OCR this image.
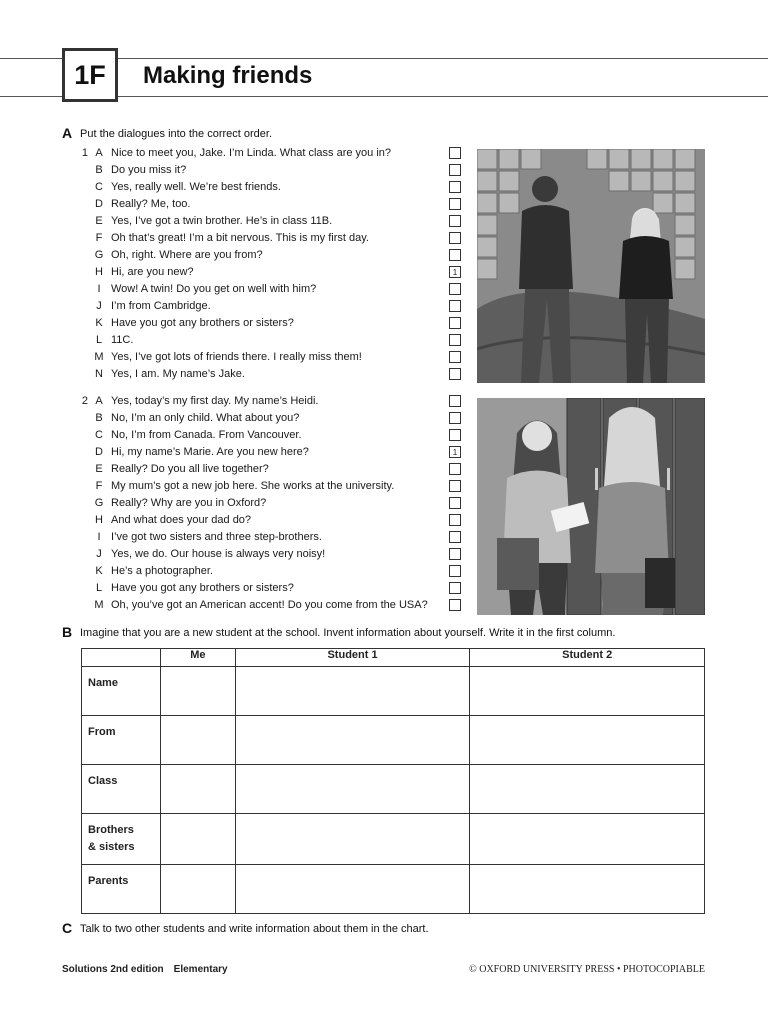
1F Making friends
A Put the dialogues into the correct order.
1 A Nice to meet you, Jake. I’m Linda. What class are you in?
B Do you miss it?
C Yes, really well. We’re best friends.
D Really? Me, too.
E Yes, I’ve got a twin brother. He’s in class 11B.
F Oh that’s great! I’m a bit nervous. This is my first day.
G Oh, right. Where are you from?
H Hi, are you new?
I Wow! A twin! Do you get on well with him?
J I’m from Cambridge.
K Have you got any brothers or sisters?
L 11C.
M Yes, I’ve got lots of friends there. I really miss them!
N Yes, I am. My name’s Jake.
2 A Yes, today’s my first day. My name’s Heidi.
B No, I’m an only child. What about you?
C No, I’m from Canada. From Vancouver.
D Hi, my name’s Marie. Are you new here?
E Really? Do you all live together?
F My mum’s got a new job here. She works at the university.
G Really? Why are you in Oxford?
H And what does your dad do?
I I’ve got two sisters and three step-brothers.
J Yes, we do. Our house is always very noisy!
K He’s a photographer.
L Have you got any brothers or sisters?
M Oh, you’ve got an American accent! Do you come from the USA?
1
1
B Imagine that you are a new student at the school. Invent information about yourself. Write it in the first column.
	Me	Student 1	Student 2
Name			
From			
Class			
Brothers
& sisters			
Parents			
C Talk to two other students and write information about them in the chart.
Solutions 2nd edition Elementary	© OXFORD UNIVERSITY PRESS • PHOTOCOPIABLE
